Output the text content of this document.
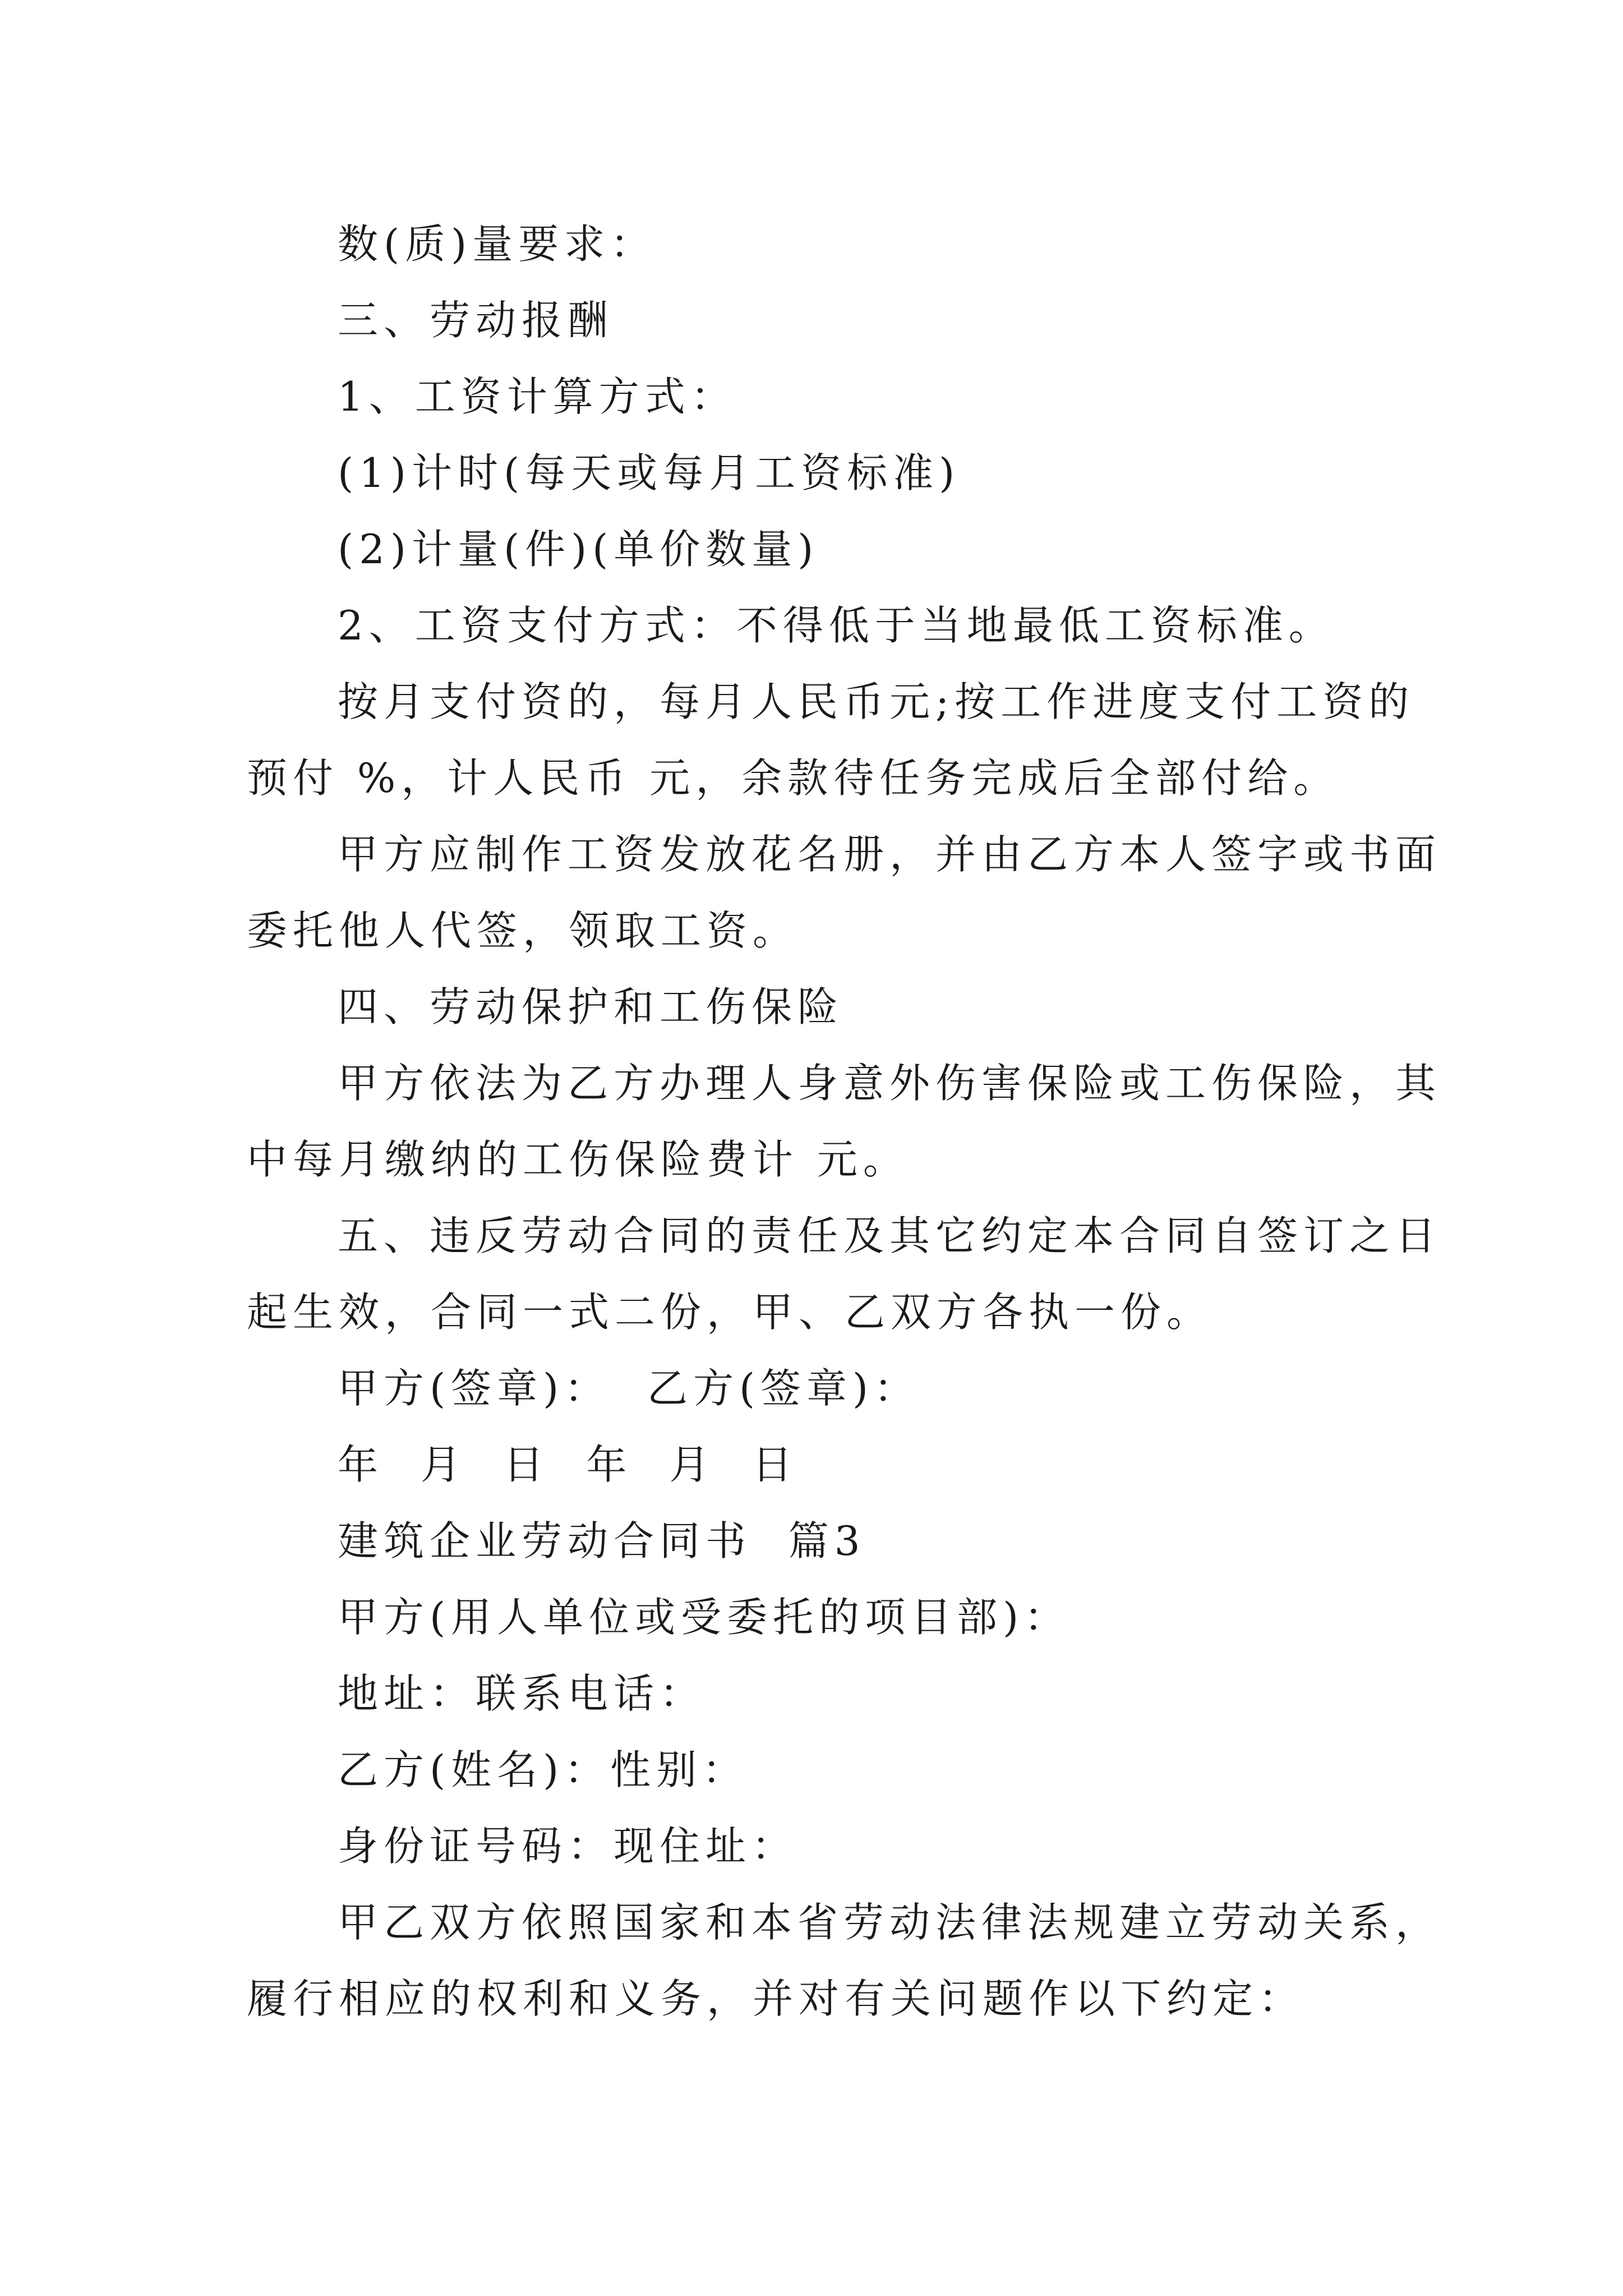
数(质)量要求：
三、劳动报酬
1、工资计算方式：
(1)计时(每天或每月工资标准)
(2)计量(件)(单价数量)
2、工资支付方式：不得低于当地最低工资标准。
按月支付资的，每月人民币元;按工作进度支付工资的
预付 %，计人民币 元，余款待任务完成后全部付给。
甲方应制作工资发放花名册，并由乙方本人签字或书面
委托他人代签，领取工资。
四、劳动保护和工伤保险
甲方依法为乙方办理人身意外伤害保险或工伤保险，其
中每月缴纳的工伤保险费计 元。
五、违反劳动合同的责任及其它约定本合同自签订之日
起生效，合同一式二份，甲、乙双方各执一份。
甲方(签章)：  乙方(签章)：
年  月  日  年  月  日
建筑企业劳动合同书  篇3
甲方(用人单位或受委托的项目部)：
地址：联系电话：
乙方(姓名)：性别：
身份证号码：现住址：
甲乙双方依照国家和本省劳动法律法规建立劳动关系，
履行相应的权利和义务，并对有关问题作以下约定：
